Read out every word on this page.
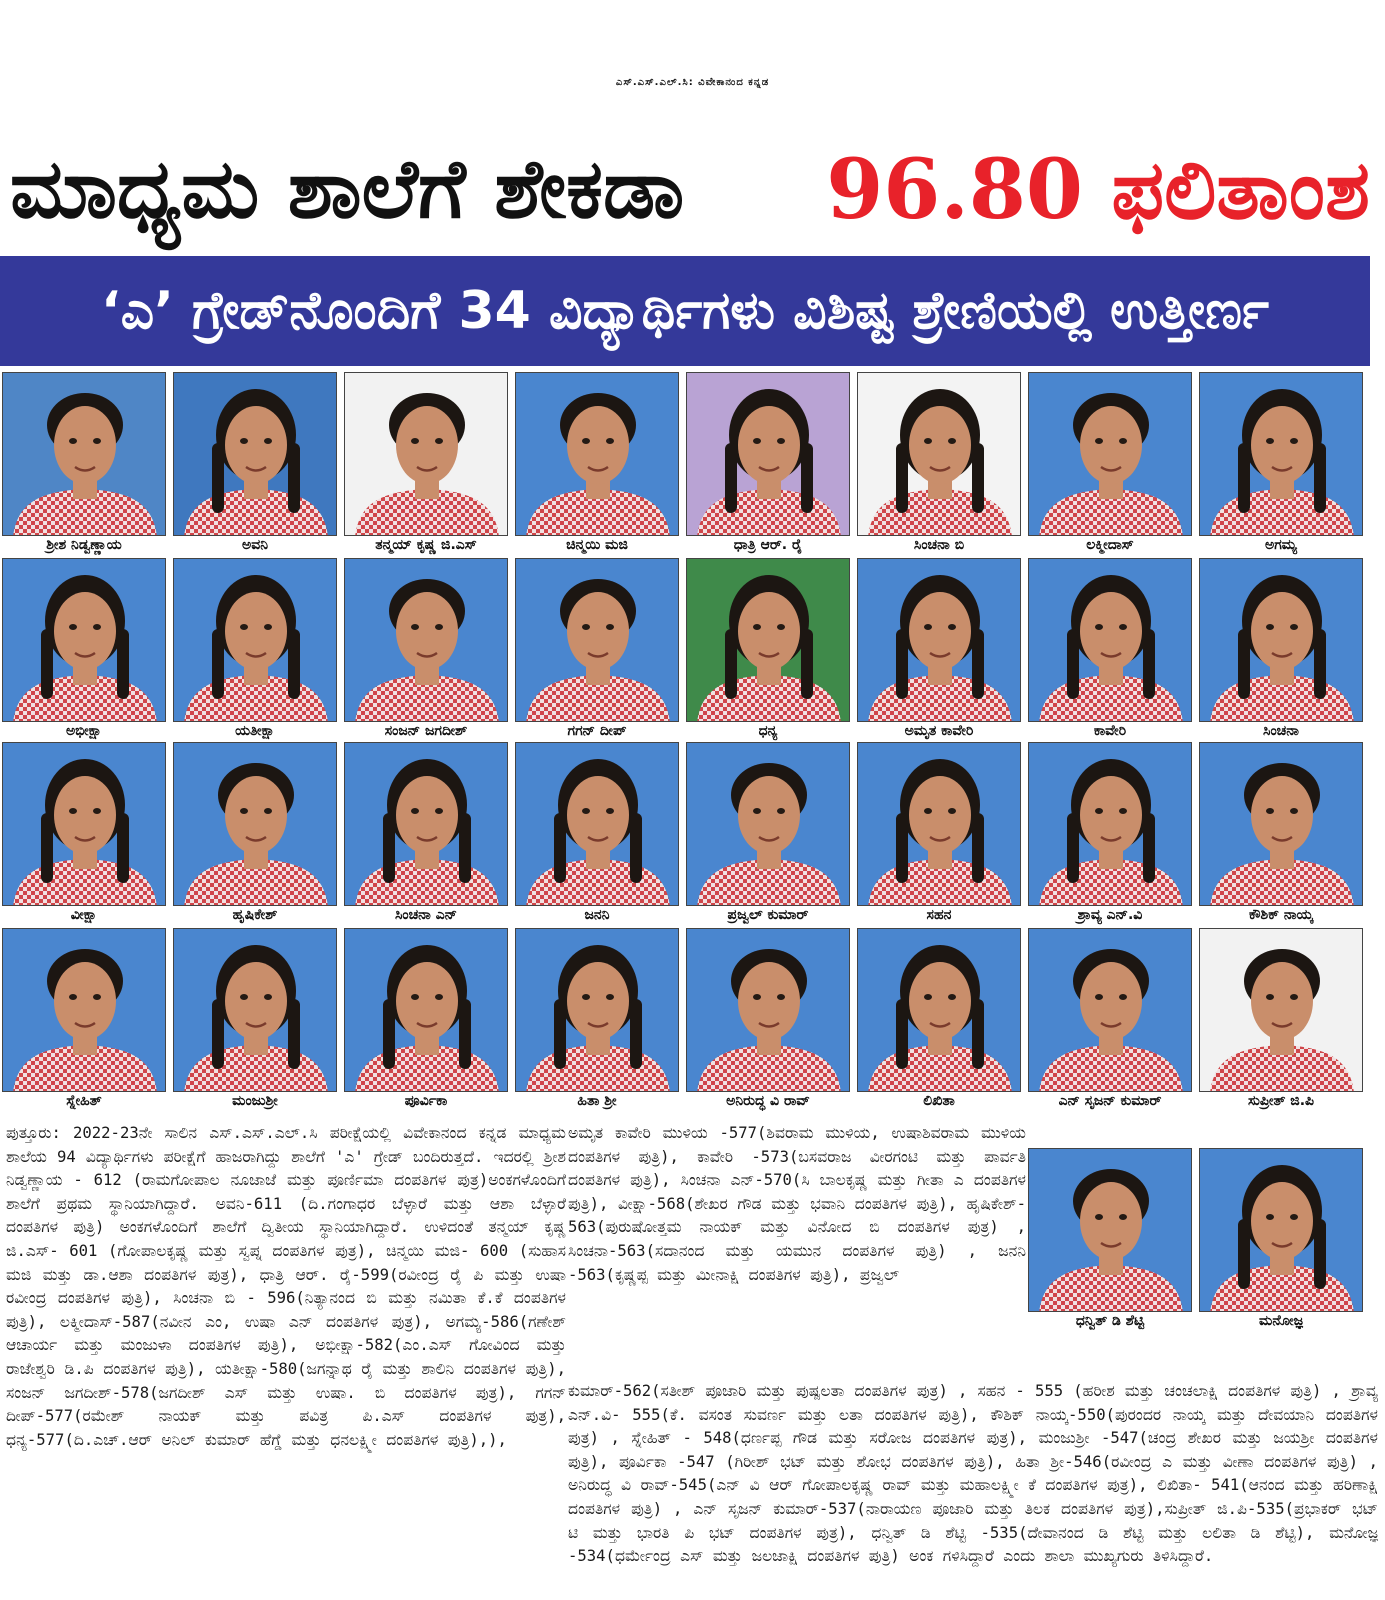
ಎಸ್.ಎಸ್.ಎಲ್.ಸಿ: ವಿವೇಕಾನಂದ ಕನ್ನಡ
ಮಾಧ್ಯಮ ಶಾಲೆಗೆ ಶೇಕಡಾ 96.80 ಫಲಿತಾಂಶ
‘ಎ’ ಗ್ರೇಡ್‌ನೊಂದಿಗೆ 34 ವಿದ್ಯಾರ್ಥಿಗಳು ವಿಶಿಷ್ಟ ಶ್ರೇಣಿಯಲ್ಲಿ ಉತ್ತೀರ್ಣ
ಶ್ರೀಶ ನಿಡ್ವಣ್ಣಾಯ	ಅವನಿ	ತನ್ಮಯ್ ಕೃಷ್ಣ ಜಿ.ಎಸ್	ಚಿನ್ಮಯಿ ಮಜಿ	ಧಾತ್ರಿ ಆರ್. ರೈ	ಸಿಂಚನಾ ಬಿ	ಲಕ್ಮೀದಾಸ್	ಅಗಮ್ಯ
ಅಭೀಕ್ಷಾ	ಯತೀಕ್ಷಾ	ಸಂಜನ್ ಜಗದೀಶ್	ಗಗನ್ ದೀಪ್	ಧನ್ಯ	ಅಮೃತ ಕಾವೇರಿ	ಕಾವೇರಿ	ಸಿಂಚನಾ
ವೀಕ್ಷಾ	ಹೃಷಿಕೇಶ್	ಸಿಂಚನಾ ಎನ್	ಜನನಿ	ಪ್ರಜ್ವಲ್ ಕುಮಾರ್	ಸಹನ	ಶ್ರಾವ್ಯ ಎನ್.ವಿ	ಕೌಶಿಕ್ ನಾಯ್ಕ
ಸ್ನೇಹಿತ್	ಮಂಜುಶ್ರೀ	ಪೂರ್ವಿಕಾ	ಹಿತಾ ಶ್ರೀ	ಅನಿರುದ್ಧ ವಿ ರಾವ್	ಲಿಖಿತಾ	ಎನ್ ಸೃಜನ್ ಕುಮಾರ್	ಸುಪ್ರೀತ್ ಜಿ.ಪಿ
ಧನ್ವಿತ್ ಡಿ ಶೆಟ್ಟಿ	ಮನೋಜ್ಞ

ಪುತ್ತೂರು: 2022-23ನೇ ಸಾಲಿನ ಎಸ್.ಎಸ್.ಎಲ್.ಸಿ ಪರೀಕ್ಷೆಯಲ್ಲಿ ವಿವೇಕಾನಂದ ಕನ್ನಡ ಮಾಧ್ಯಮ ಶಾಲೆಯ 94 ವಿದ್ಯಾರ್ಥಿಗಳು ಪರೀಕ್ಷೆಗೆ ಹಾಜರಾಗಿದ್ದು ಶಾಲೆಗೆ 'ಎ' ಗ್ರೇಡ್ ಬಂದಿರುತ್ತದೆ. ಇದರಲ್ಲಿ ಶ್ರೀಶ ನಿಡ್ವಣ್ಣಾಯ - 612 (ರಾಮಗೋಪಾಲ ನೂಜಾಜೆ ಮತ್ತು ಪೂರ್ಣಿಮಾ ದಂಪತಿಗಳ ಪುತ್ರ)ಅಂಕಗಳೊಂದಿಗೆ ಶಾಲೆಗೆ ಪ್ರಥಮ ಸ್ಥಾನಿಯಾಗಿದ್ದಾರೆ. ಅವನಿ-611 (ದಿ.ಗಂಗಾಧರ ಬೆಳ್ಳಾರೆ ಮತ್ತು ಆಶಾ ಬೆಳ್ಳಾರೆ ದಂಪತಿಗಳ ಪುತ್ರಿ) ಅಂಕಗಳೊಂದಿಗೆ ಶಾಲೆಗೆ ದ್ವಿತೀಯ ಸ್ಥಾನಿಯಾಗಿದ್ದಾರೆ. ಉಳಿದಂತೆ ತನ್ಮಯ್ ಕೃಷ್ಣ ಜಿ.ಎಸ್- 601 (ಗೋಪಾಲಕೃಷ್ಣ ಮತ್ತು ಸ್ವಪ್ನ ದಂಪತಿಗಳ ಪುತ್ರ), ಚಿನ್ಮಯಿ ಮಜಿ- 600 (ಸುಹಾಸ ಮಜಿ ಮತ್ತು ಡಾ.ಆಶಾ ದಂಪತಿಗಳ ಪುತ್ರ), ಧಾತ್ರಿ ಆರ್. ರೈ-599(ರವೀಂದ್ರ ರೈ ಪಿ ಮತ್ತು ಉಷಾ ರವೀಂದ್ರ ದಂಪತಿಗಳ ಪುತ್ರಿ), ಸಿಂಚನಾ ಬಿ - 596(ನಿತ್ಯಾನಂದ ಬಿ ಮತ್ತು ನಮಿತಾ ಕೆ.ಕೆ ದಂಪತಿಗಳ ಪುತ್ರಿ), ಲಕ್ಮೀದಾಸ್-587(ನವೀನ ಎಂ, ಉಷಾ ಎನ್ ದಂಪತಿಗಳ ಪುತ್ರ), ಅಗಮ್ಯ-586(ಗಣೇಶ್ ಆಚಾರ್ಯ ಮತ್ತು ಮಂಜುಳಾ ದಂಪತಿಗಳ ಪುತ್ರಿ), ಅಭೀಕ್ಷಾ-582(ಎಂ.ಎಸ್ ಗೋವಿಂದ ಮತ್ತು ರಾಜೇಶ್ವರಿ ಡಿ.ಪಿ ದಂಪತಿಗಳ ಪುತ್ರಿ), ಯತೀಕ್ಷಾ-580(ಜಗನ್ನಾಥ ರೈ ಮತ್ತು ಶಾಲಿನಿ ದಂಪತಿಗಳ ಪುತ್ರಿ), ಸಂಜನ್ ಜಗದೀಶ್-578(ಜಗದೀಶ್ ಎಸ್ ಮತ್ತು ಉಷಾ. ಬಿ ದಂಪತಿಗಳ ಪುತ್ರ), ಗಗನ್ ದೀಪ್-577(ರಮೇಶ್ ನಾಯಕ್ ಮತ್ತು ಪವಿತ್ರ ಪಿ.ಎಸ್ ದಂಪತಿಗಳ ಪುತ್ರ), ಧನ್ಯ-577(ದಿ.ಎಚ್.ಆರ್ ಅನಿಲ್ ಕುಮಾರ್ ಹೆಗ್ಡೆ ಮತ್ತು ಧನಲಕ್ಷ್ಮೀ ದಂಪತಿಗಳ ಪುತ್ರಿ),),

ಅಮೃತ ಕಾವೇರಿ ಮುಳಿಯ -577(ಶಿವರಾಮ ಮುಳಿಯ, ಉಷಾಶಿವರಾಮ ಮುಳಿಯ ದಂಪತಿಗಳ ಪುತ್ರಿ), ಕಾವೇರಿ -573(ಬಸವರಾಜ ವೀರಗಂಟಿ ಮತ್ತು ಪಾರ್ವತಿ ದಂಪತಿಗಳ ಪುತ್ರಿ), ಸಿಂಚನಾ ಎನ್-570(ಸಿ ಬಾಲಕೃಷ್ಣ ಮತ್ತು ಗೀತಾ ಎ ದಂಪತಿಗಳ ಪುತ್ರಿ), ವೀಕ್ಷಾ-568(ಶೇಖರ ಗೌಡ ಮತ್ತು ಭವಾನಿ ದಂಪತಿಗಳ ಪುತ್ರಿ), ಹೃಷಿಕೇಶ್- 563(ಪುರುಷೋತ್ತಮ ನಾಯಕ್ ಮತ್ತು ವಿನೋದ ಬಿ ದಂಪತಿಗಳ ಪುತ್ರ) , ಸಿಂಚನಾ-563(ಸದಾನಂದ ಮತ್ತು ಯಮುನ ದಂಪತಿಗಳ ಪುತ್ರಿ) , ಜನನಿ -563(ಕೃಷ್ಣಪ್ಪ ಮತ್ತು ಮೀನಾಕ್ಷಿ ದಂಪತಿಗಳ ಪುತ್ರಿ), ಪ್ರಜ್ವಲ್

ಕುಮಾರ್-562(ಸತೀಶ್ ಪೂಜಾರಿ ಮತ್ತು ಪುಷ್ಪಲತಾ ದಂಪತಿಗಳ ಪುತ್ರ) , ಸಹನ - 555 (ಹರೀಶ ಮತ್ತು ಚಂಚಲಾಕ್ಷಿ ದಂಪತಿಗಳ ಪುತ್ರಿ) , ಶ್ರಾವ್ಯ ಎನ್.ವಿ- 555(ಕೆ. ವಸಂತ ಸುವರ್ಣ ಮತ್ತು ಲತಾ ದಂಪತಿಗಳ ಪುತ್ರಿ), ಕೌಶಿಕ್ ನಾಯ್ಕ-550(ಪುರಂದರ ನಾಯ್ಕ ಮತ್ತು ದೇವಯಾನಿ ದಂಪತಿಗಳ ಪುತ್ರ) , ಸ್ನೇಹಿತ್ - 548(ಧರ್ಣಪ್ಪ ಗೌಡ ಮತ್ತು ಸರೋಜ ದಂಪತಿಗಳ ಪುತ್ರ), ಮಂಜುಶ್ರೀ -547(ಚಂದ್ರ ಶೇಖರ ಮತ್ತು ಜಯಶ್ರೀ ದಂಪತಿಗಳ ಪುತ್ರಿ), ಪೂರ್ವಿಕಾ -547 (ಗಿರೀಶ್ ಭಟ್ ಮತ್ತು ಶೋಭ ದಂಪತಿಗಳ ಪುತ್ರಿ), ಹಿತಾ ಶ್ರೀ-546(ರವೀಂದ್ರ ಎ ಮತ್ತು ವೀಣಾ ದಂಪತಿಗಳ ಪುತ್ರಿ) , ಅನಿರುದ್ಧ ವಿ ರಾವ್-545(ಎನ್ ವಿ ಆರ್ ಗೋಪಾಲಕೃಷ್ಣ ರಾವ್ ಮತ್ತು ಮಹಾಲಕ್ಷ್ಮೀ ಕೆ ದಂಪತಿಗಳ ಪುತ್ರ), ಲಿಖಿತಾ- 541(ಆನಂದ ಮತ್ತು ಹರಿಣಾಕ್ಷಿ ದಂಪತಿಗಳ ಪುತ್ರಿ) , ಎನ್ ಸೃಜನ್ ಕುಮಾರ್-537(ನಾರಾಯಣ ಪೂಜಾರಿ ಮತ್ತು ತಿಲಕ ದಂಪತಿಗಳ ಪುತ್ರ),ಸುಪ್ರೀತ್ ಜಿ.ಪಿ-535(ಪ್ರಭಾಕರ್ ಭಟ್ ಟಿ ಮತ್ತು ಭಾರತಿ ಪಿ ಭಟ್ ದಂಪತಿಗಳ ಪುತ್ರ), ಧನ್ವಿತ್ ಡಿ ಶೆಟ್ಟಿ -535(ದೇವಾನಂದ ಡಿ ಶೆಟ್ಟಿ ಮತ್ತು ಲಲಿತಾ ಡಿ ಶೆಟ್ಟಿ), ಮನೋಜ್ಞ -534(ಧರ್ಮೇಂದ್ರ ಎಸ್ ಮತ್ತು ಜಲಜಾಕ್ಷಿ ದಂಪತಿಗಳ ಪುತ್ರಿ) ಅಂಕ ಗಳಿಸಿದ್ದಾರೆ ಎಂದು ಶಾಲಾ ಮುಖ್ಯಗುರು ತಿಳಿಸಿದ್ದಾರೆ.
